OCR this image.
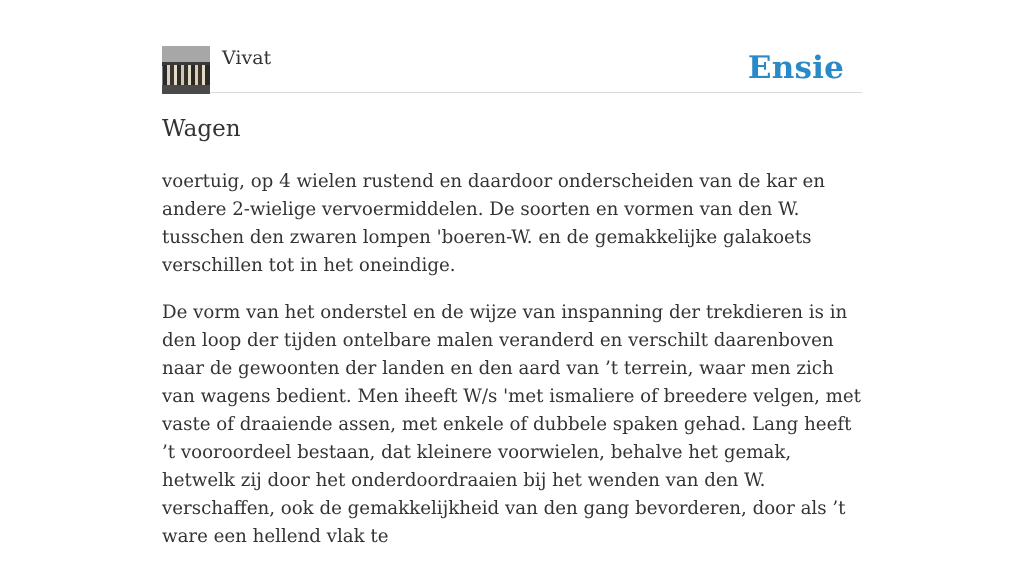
Vivat	Ensie
Wagen

voertuig, op 4 wielen rustend en daardoor onderscheiden van de kar en andere 2-wielige vervoermiddelen. De soorten en vormen van den W. tusschen den zwaren lompen 'boeren-W. en de gemakkelijke galakoets verschillen tot in het oneindige.

De vorm van het onderstel en de wijze van inspanning der trekdieren is in den loop der tijden ontelbare malen veranderd en verschilt daarenboven naar de gewoonten der landen en den aard van ’t terrein, waar men zich van wagens bedient. Men iheeft W/s 'met ismaliere of breedere velgen, met vaste of draaiende assen, met enkele of dubbele spaken gehad. Lang heeft ’t vooroordeel bestaan, dat kleinere voorwielen, behalve het gemak, hetwelk zij door het onderdoordraaien bij het wenden van den W. verschaffen, ook de gemakkelijkheid van den gang bevorderen, door als ’t ware een hellend vlak te
